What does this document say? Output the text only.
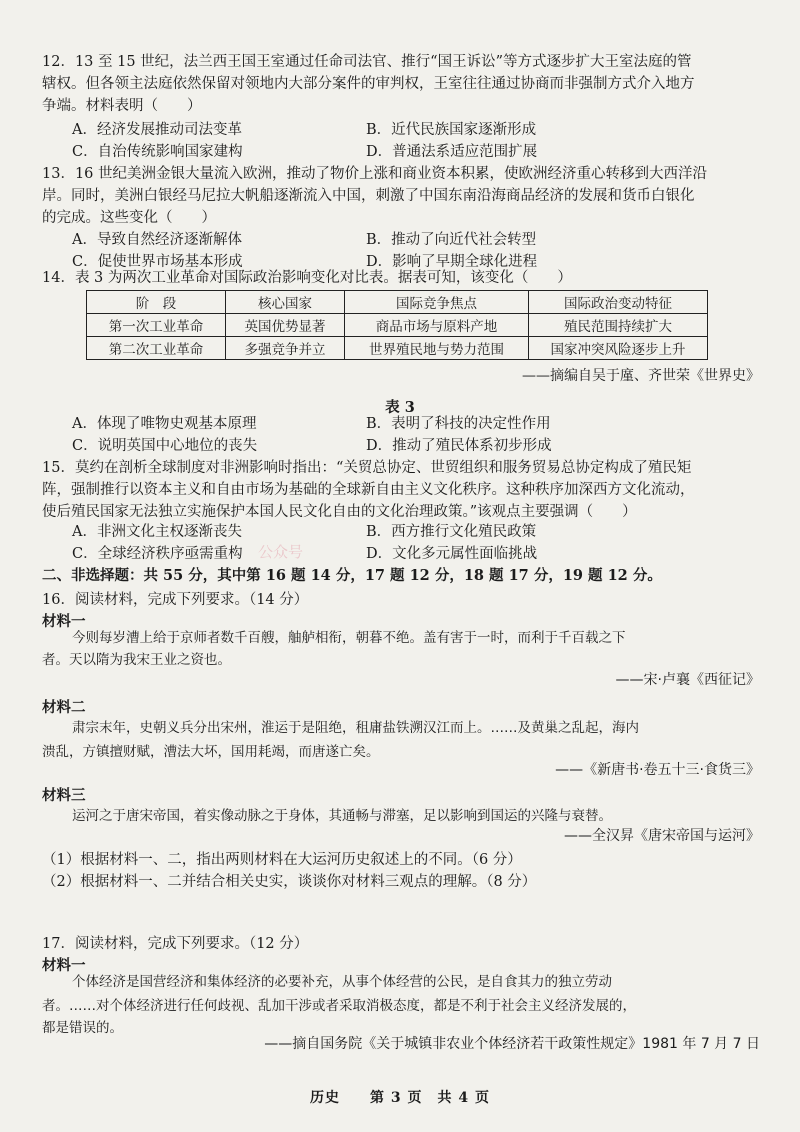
12．13 至 15 世纪，法兰西王国王室通过任命司法官、推行“国王诉讼”等方式逐步扩大王室法庭的管
辖权。但各领主法庭依然保留对领地内大部分案件的审判权，王室往往通过协商而非强制方式介入地方
争端。材料表明（　　）
A．经济发展推动司法变革	B．近代民族国家逐渐形成
C．自治传统影响国家建构	D．普通法系适应范围扩展
13．16 世纪美洲金银大量流入欧洲，推动了物价上涨和商业资本积累，使欧洲经济重心转移到大西洋沿
岸。同时，美洲白银经马尼拉大帆船逐渐流入中国，刺激了中国东南沿海商品经济的发展和货币白银化
的完成。这些变化（　　）
A．导致自然经济逐渐解体	B．推动了向近代社会转型
C．促使世界市场基本形成	D．影响了早期全球化进程
14．表 3 为两次工业革命对国际政治影响变化对比表。据表可知，该变化（　　）
阶　段	核心国家	国际竞争焦点	国际政治变动特征
第一次工业革命	英国优势显著	商品市场与原料产地	殖民范围持续扩大
第二次工业革命	多强竞争并立	世界殖民地与势力范围	国家冲突风险逐步上升
——摘编自吴于廑、齐世荣《世界史》
表 3
A．体现了唯物史观基本原理	B．表明了科技的决定性作用
C．说明英国中心地位的丧失	D．推动了殖民体系初步形成
15．莫约在剖析全球制度对非洲影响时指出：“关贸总协定、世贸组织和服务贸易总协定构成了殖民矩
阵，强制推行以资本主义和自由市场为基础的全球新自由主义文化秩序。这种秩序加深西方文化流动，
使后殖民国家无法独立实施保护本国人民文化自由的文化治理政策。”该观点主要强调（　　）
A．非洲文化主权逐渐丧失	B．西方推行文化殖民政策
C．全球经济秩序亟需重构	D．文化多元属性面临挑战
公众号
二、非选择题：共 55 分，其中第 16 题 14 分，17 题 12 分，18 题 17 分，19 题 12 分。
16．阅读材料，完成下列要求。（14 分）
材料一
今则每岁漕上给于京师者数千百艘，舳舻相衔，朝暮不绝。盖有害于一时，而利于千百载之下
者。天以隋为我宋王业之资也。
——宋·卢襄《西征记》
材料二
肃宗末年，史朝义兵分出宋州，淮运于是阻绝，租庸盐铁溯汉江而上。……及黄巢之乱起，海内
溃乱，方镇擅财赋，漕法大坏，国用耗竭，而唐遂亡矣。
——《新唐书·卷五十三·食货三》
材料三
运河之于唐宋帝国，着实像动脉之于身体，其通畅与滞塞，足以影响到国运的兴隆与衰替。
——全汉昇《唐宋帝国与运河》
（1）根据材料一、二，指出两则材料在大运河历史叙述上的不同。（6 分）
（2）根据材料一、二并结合相关史实，谈谈你对材料三观点的理解。（8 分）
17．阅读材料，完成下列要求。（12 分）
材料一
个体经济是国营经济和集体经济的必要补充，从事个体经营的公民，是自食其力的独立劳动
者。……对个体经济进行任何歧视、乱加干涉或者采取消极态度，都是不利于社会主义经济发展的，
都是错误的。
——摘自国务院《关于城镇非农业个体经济若干政策性规定》1981 年 7 月 7 日
历史　　第 3 页　共 4 页
